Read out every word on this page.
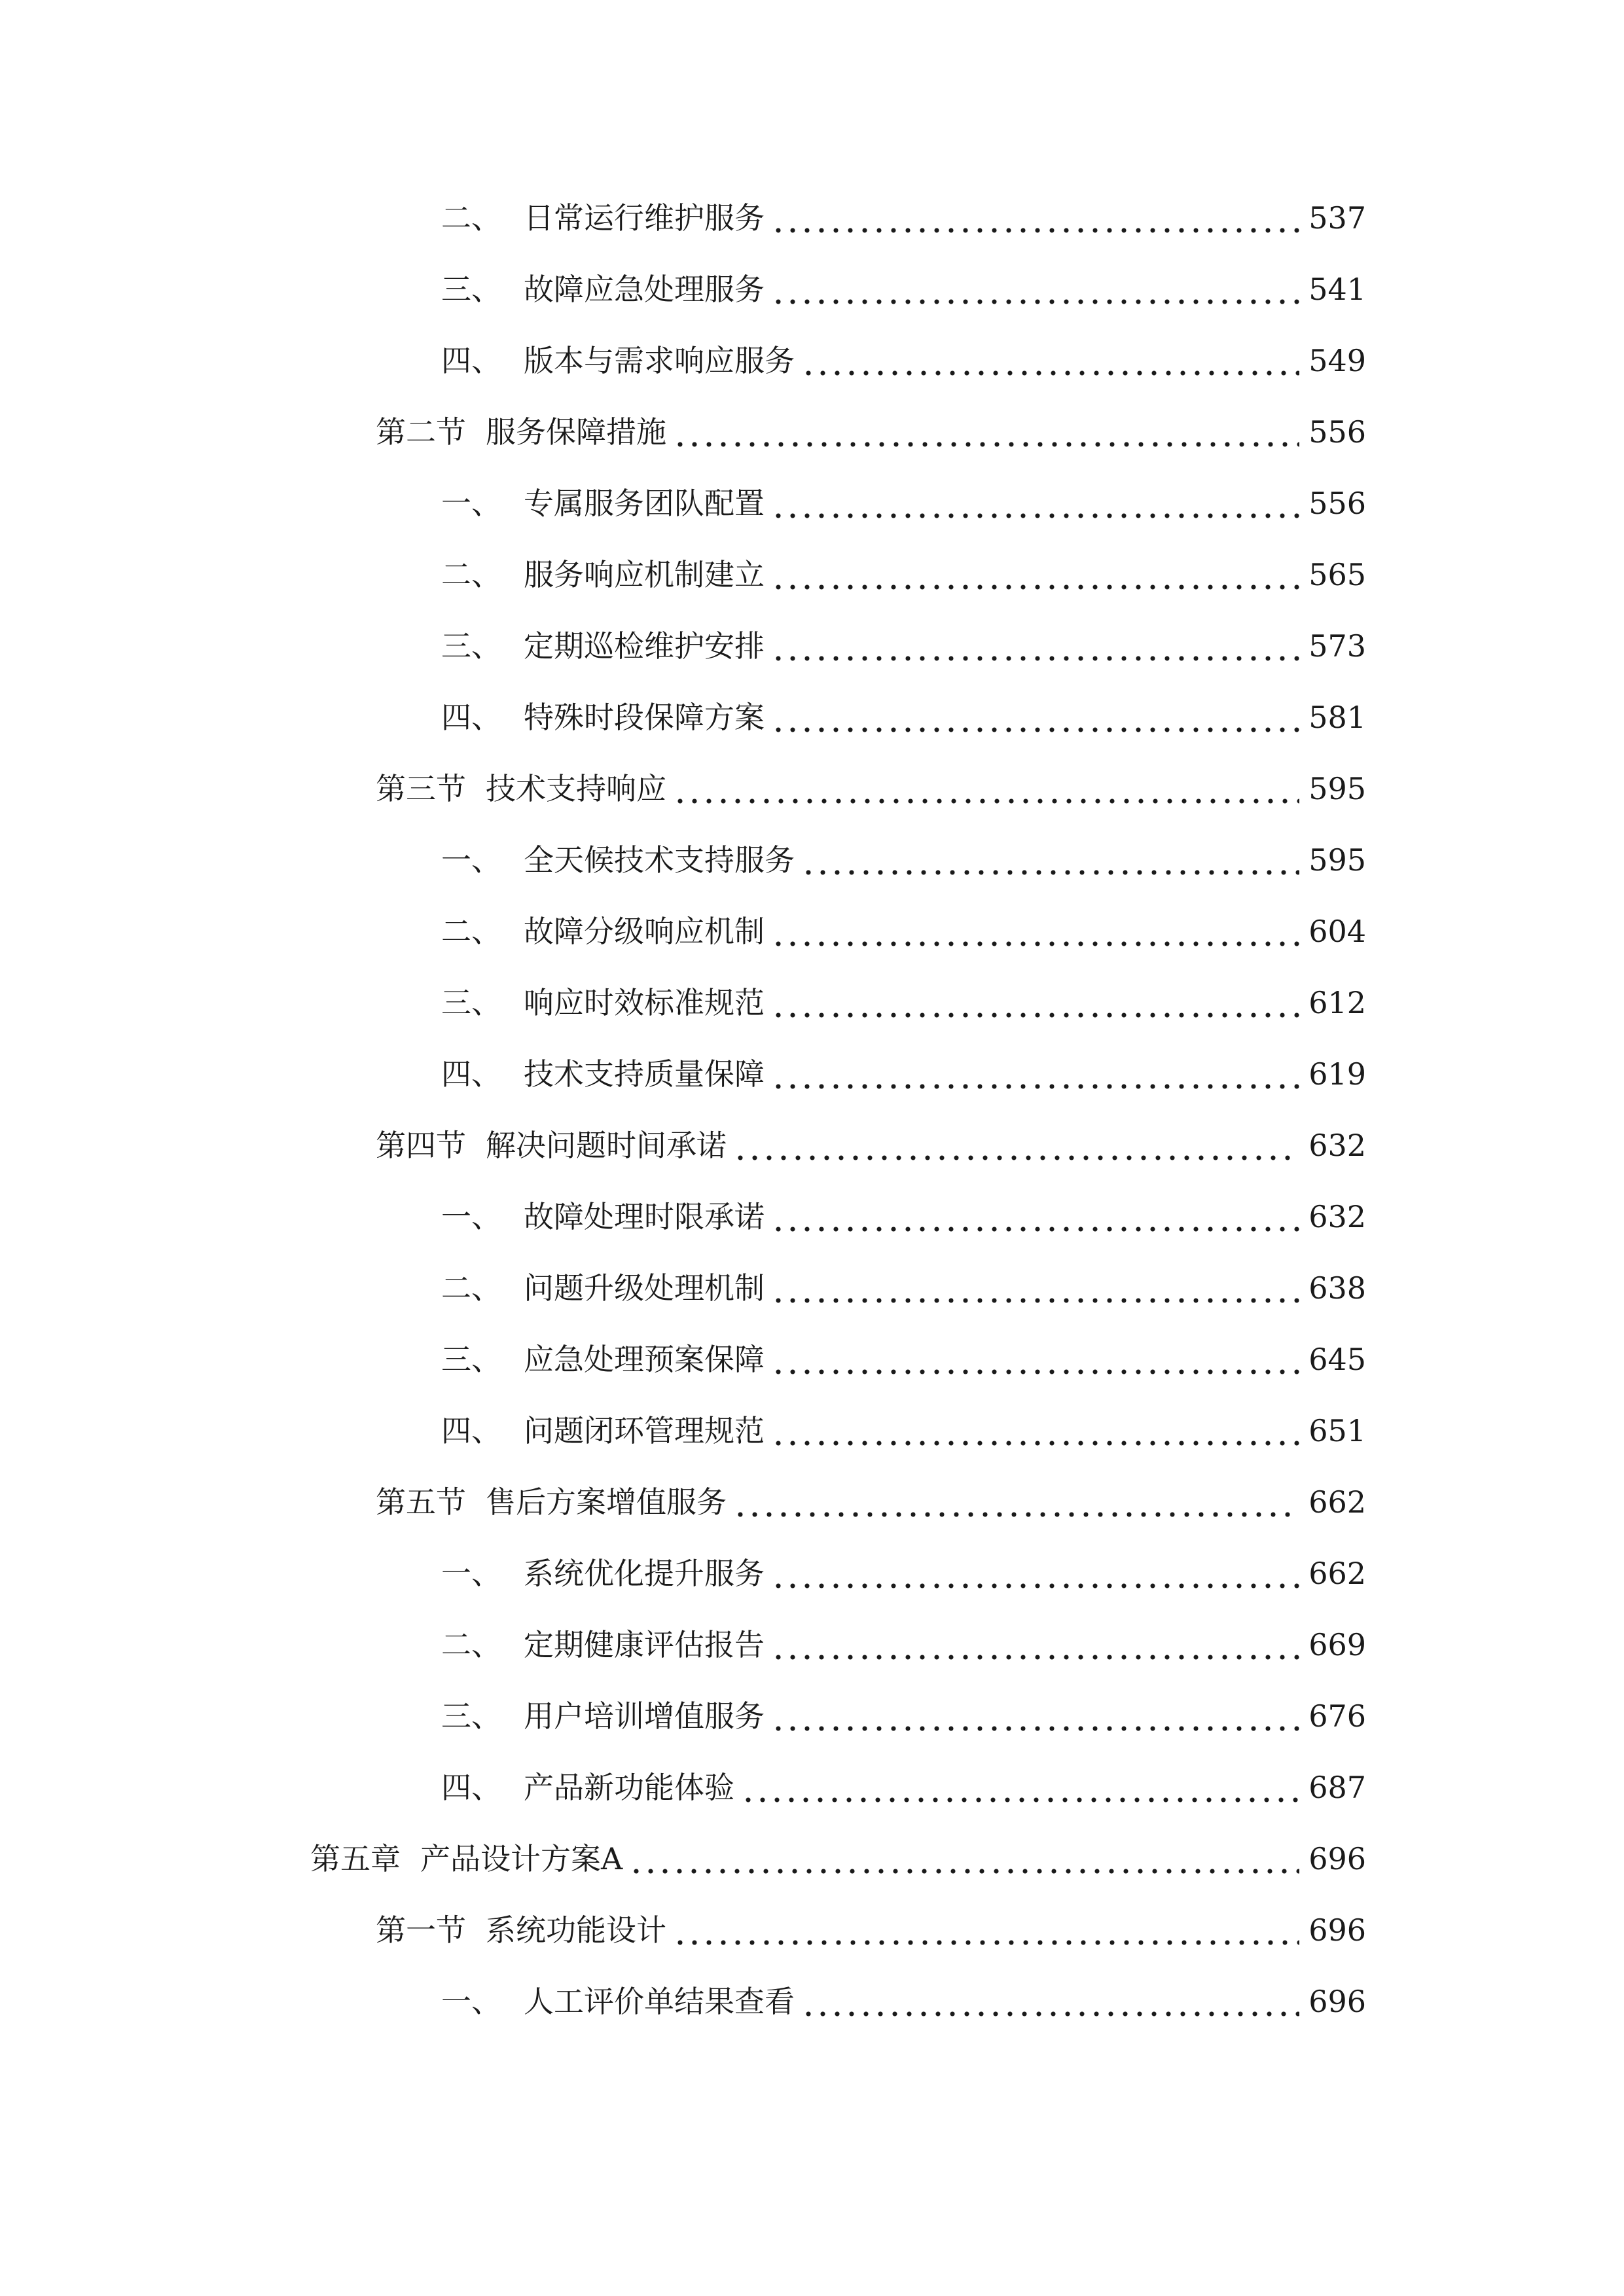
二、 日常运行维护服务	537
三、 故障应急处理服务	541
四、 版本与需求响应服务	549
第二节 服务保障措施	556
一、 专属服务团队配置	556
二、 服务响应机制建立	565
三、 定期巡检维护安排	573
四、 特殊时段保障方案	581
第三节 技术支持响应	595
一、 全天候技术支持服务	595
二、 故障分级响应机制	604
三、 响应时效标准规范	612
四、 技术支持质量保障	619
第四节 解决问题时间承诺	632
一、 故障处理时限承诺	632
二、 问题升级处理机制	638
三、 应急处理预案保障	645
四、 问题闭环管理规范	651
第五节 售后方案增值服务	662
一、 系统优化提升服务	662
二、 定期健康评估报告	669
三、 用户培训增值服务	676
四、 产品新功能体验	687
第五章 产品设计方案A	696
第一节 系统功能设计	696
一、 人工评价单结果查看	696
